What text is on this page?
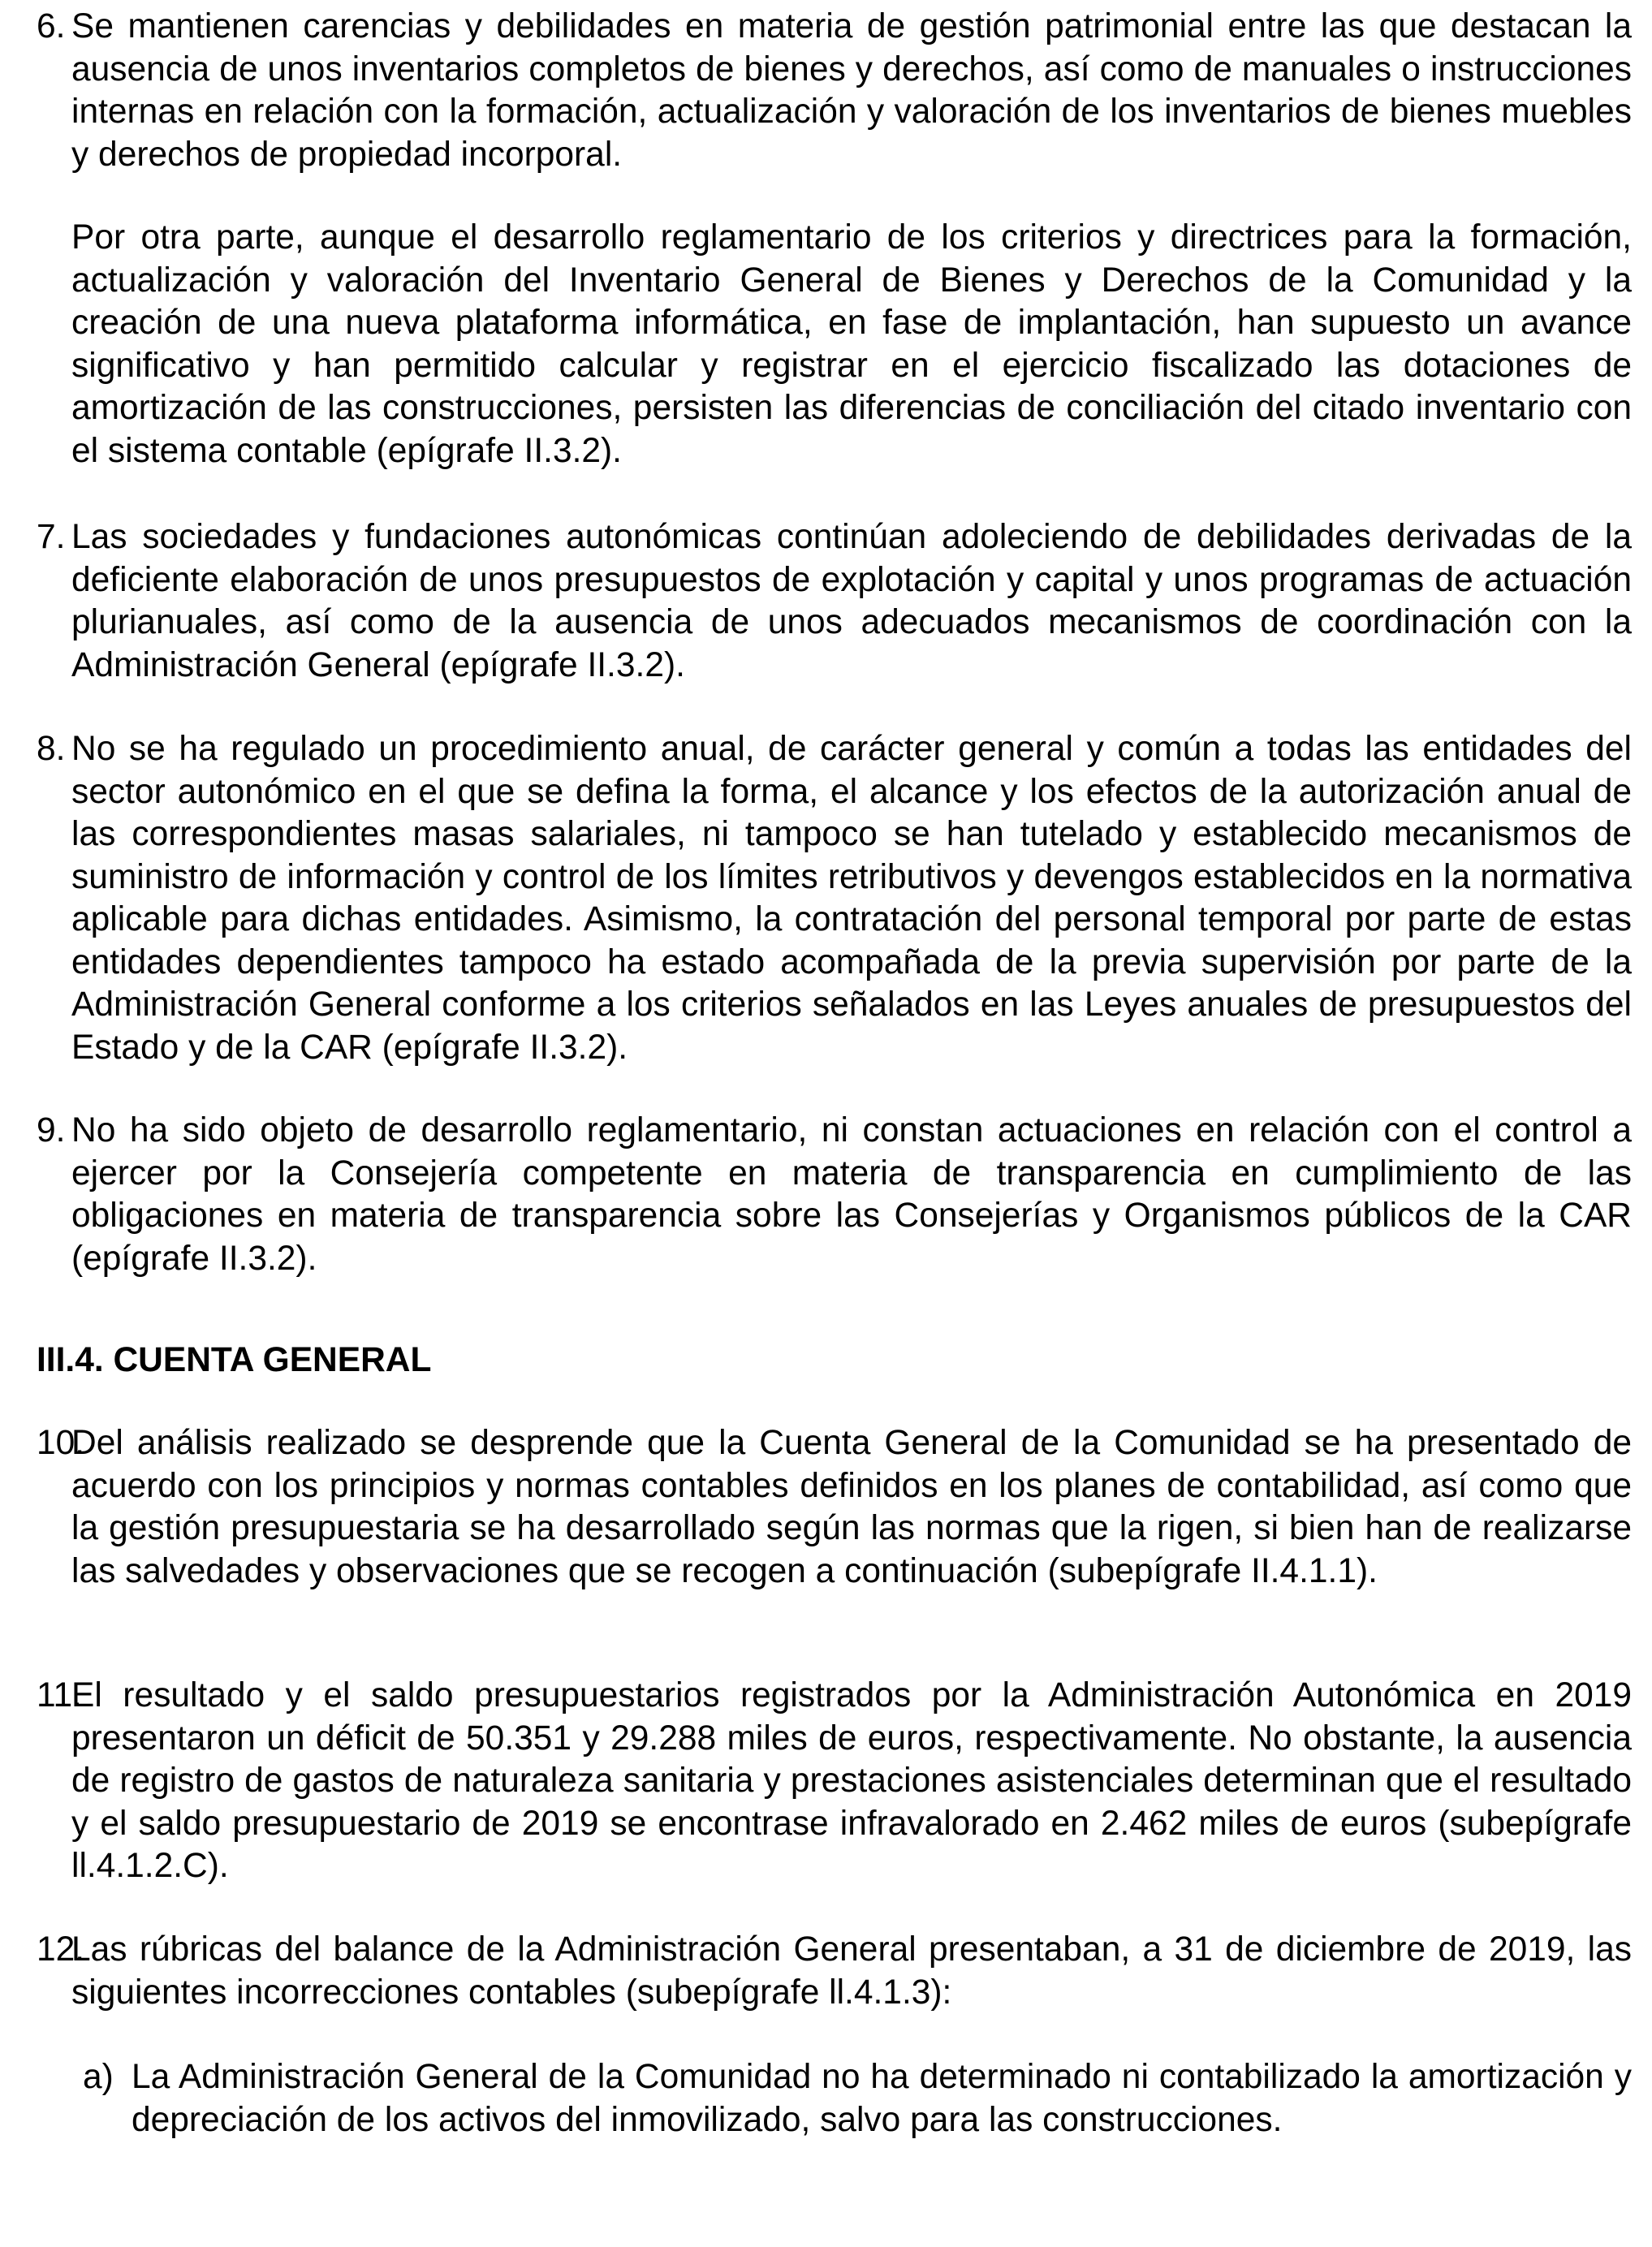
6. Se mantienen carencias y debilidades en materia de gestión patrimonial entre las que destacan la ausencia de unos inventarios completos de bienes y derechos, así como de manuales o instrucciones internas en relación con la formación, actualización y valoración de los inventarios de bienes muebles y derechos de propiedad incorporal.
Por otra parte, aunque el desarrollo reglamentario de los criterios y directrices para la formación, actualización y valoración del Inventario General de Bienes y Derechos de la Comunidad y la creación de una nueva plataforma informática, en fase de implantación, han supuesto un avance significativo y han permitido calcular y registrar en el ejercicio fiscalizado las dotaciones de amortización de las construcciones, persisten las diferencias de conciliación del citado inventario con el sistema contable (epígrafe II.3.2).
7. Las sociedades y fundaciones autonómicas continúan adoleciendo de debilidades derivadas de la deficiente elaboración de unos presupuestos de explotación y capital y unos programas de actuación plurianuales, así como de la ausencia de unos adecuados mecanismos de coordinación con la Administración General (epígrafe II.3.2).
8. No se ha regulado un procedimiento anual, de carácter general y común a todas las entidades del sector autonómico en el que se defina la forma, el alcance y los efectos de la autorización anual de las correspondientes masas salariales, ni tampoco se han tutelado y establecido mecanismos de suministro de información y control de los límites retributivos y devengos establecidos en la normativa aplicable para dichas entidades. Asimismo, la contratación del personal temporal por parte de estas entidades dependientes tampoco ha estado acompañada de la previa supervisión por parte de la Administración General conforme a los criterios señalados en las Leyes anuales de presupuestos del Estado y de la CAR (epígrafe II.3.2).
9. No ha sido objeto de desarrollo reglamentario, ni constan actuaciones en relación con el control a ejercer por la Consejería competente en materia de transparencia en cumplimiento de las obligaciones en materia de transparencia sobre las Consejerías y Organismos públicos de la CAR (epígrafe II.3.2).
III.4. CUENTA GENERAL
10.
Del análisis realizado se desprende que la Cuenta General de la Comunidad se ha presentado de acuerdo con los principios y normas contables definidos en los planes de contabilidad, así como que la gestión presupuestaria se ha desarrollado según las normas que la rigen, si bien han de realizarse las salvedades y observaciones que se recogen a continuación (subepígrafe II.4.1.1).
11.
El resultado y el saldo presupuestarios registrados por la Administración Autonómica en 2019 presentaron un déficit de 50.351 y 29.288 miles de euros, respectivamente. No obstante, la ausencia de registro de gastos de naturaleza sanitaria y prestaciones asistenciales determinan que el resultado y el saldo presupuestario de 2019 se encontrase infravalorado en 2.462 miles de euros (subepígrafe ll.4.1.2.C).
12.
Las rúbricas del balance de la Administración General presentaban, a 31 de diciembre de 2019, las siguientes incorrecciones contables (subepígrafe ll.4.1.3):
a) La Administración General de la Comunidad no ha determinado ni contabilizado la amortización y depreciación de los activos del inmovilizado, salvo para las construcciones.
